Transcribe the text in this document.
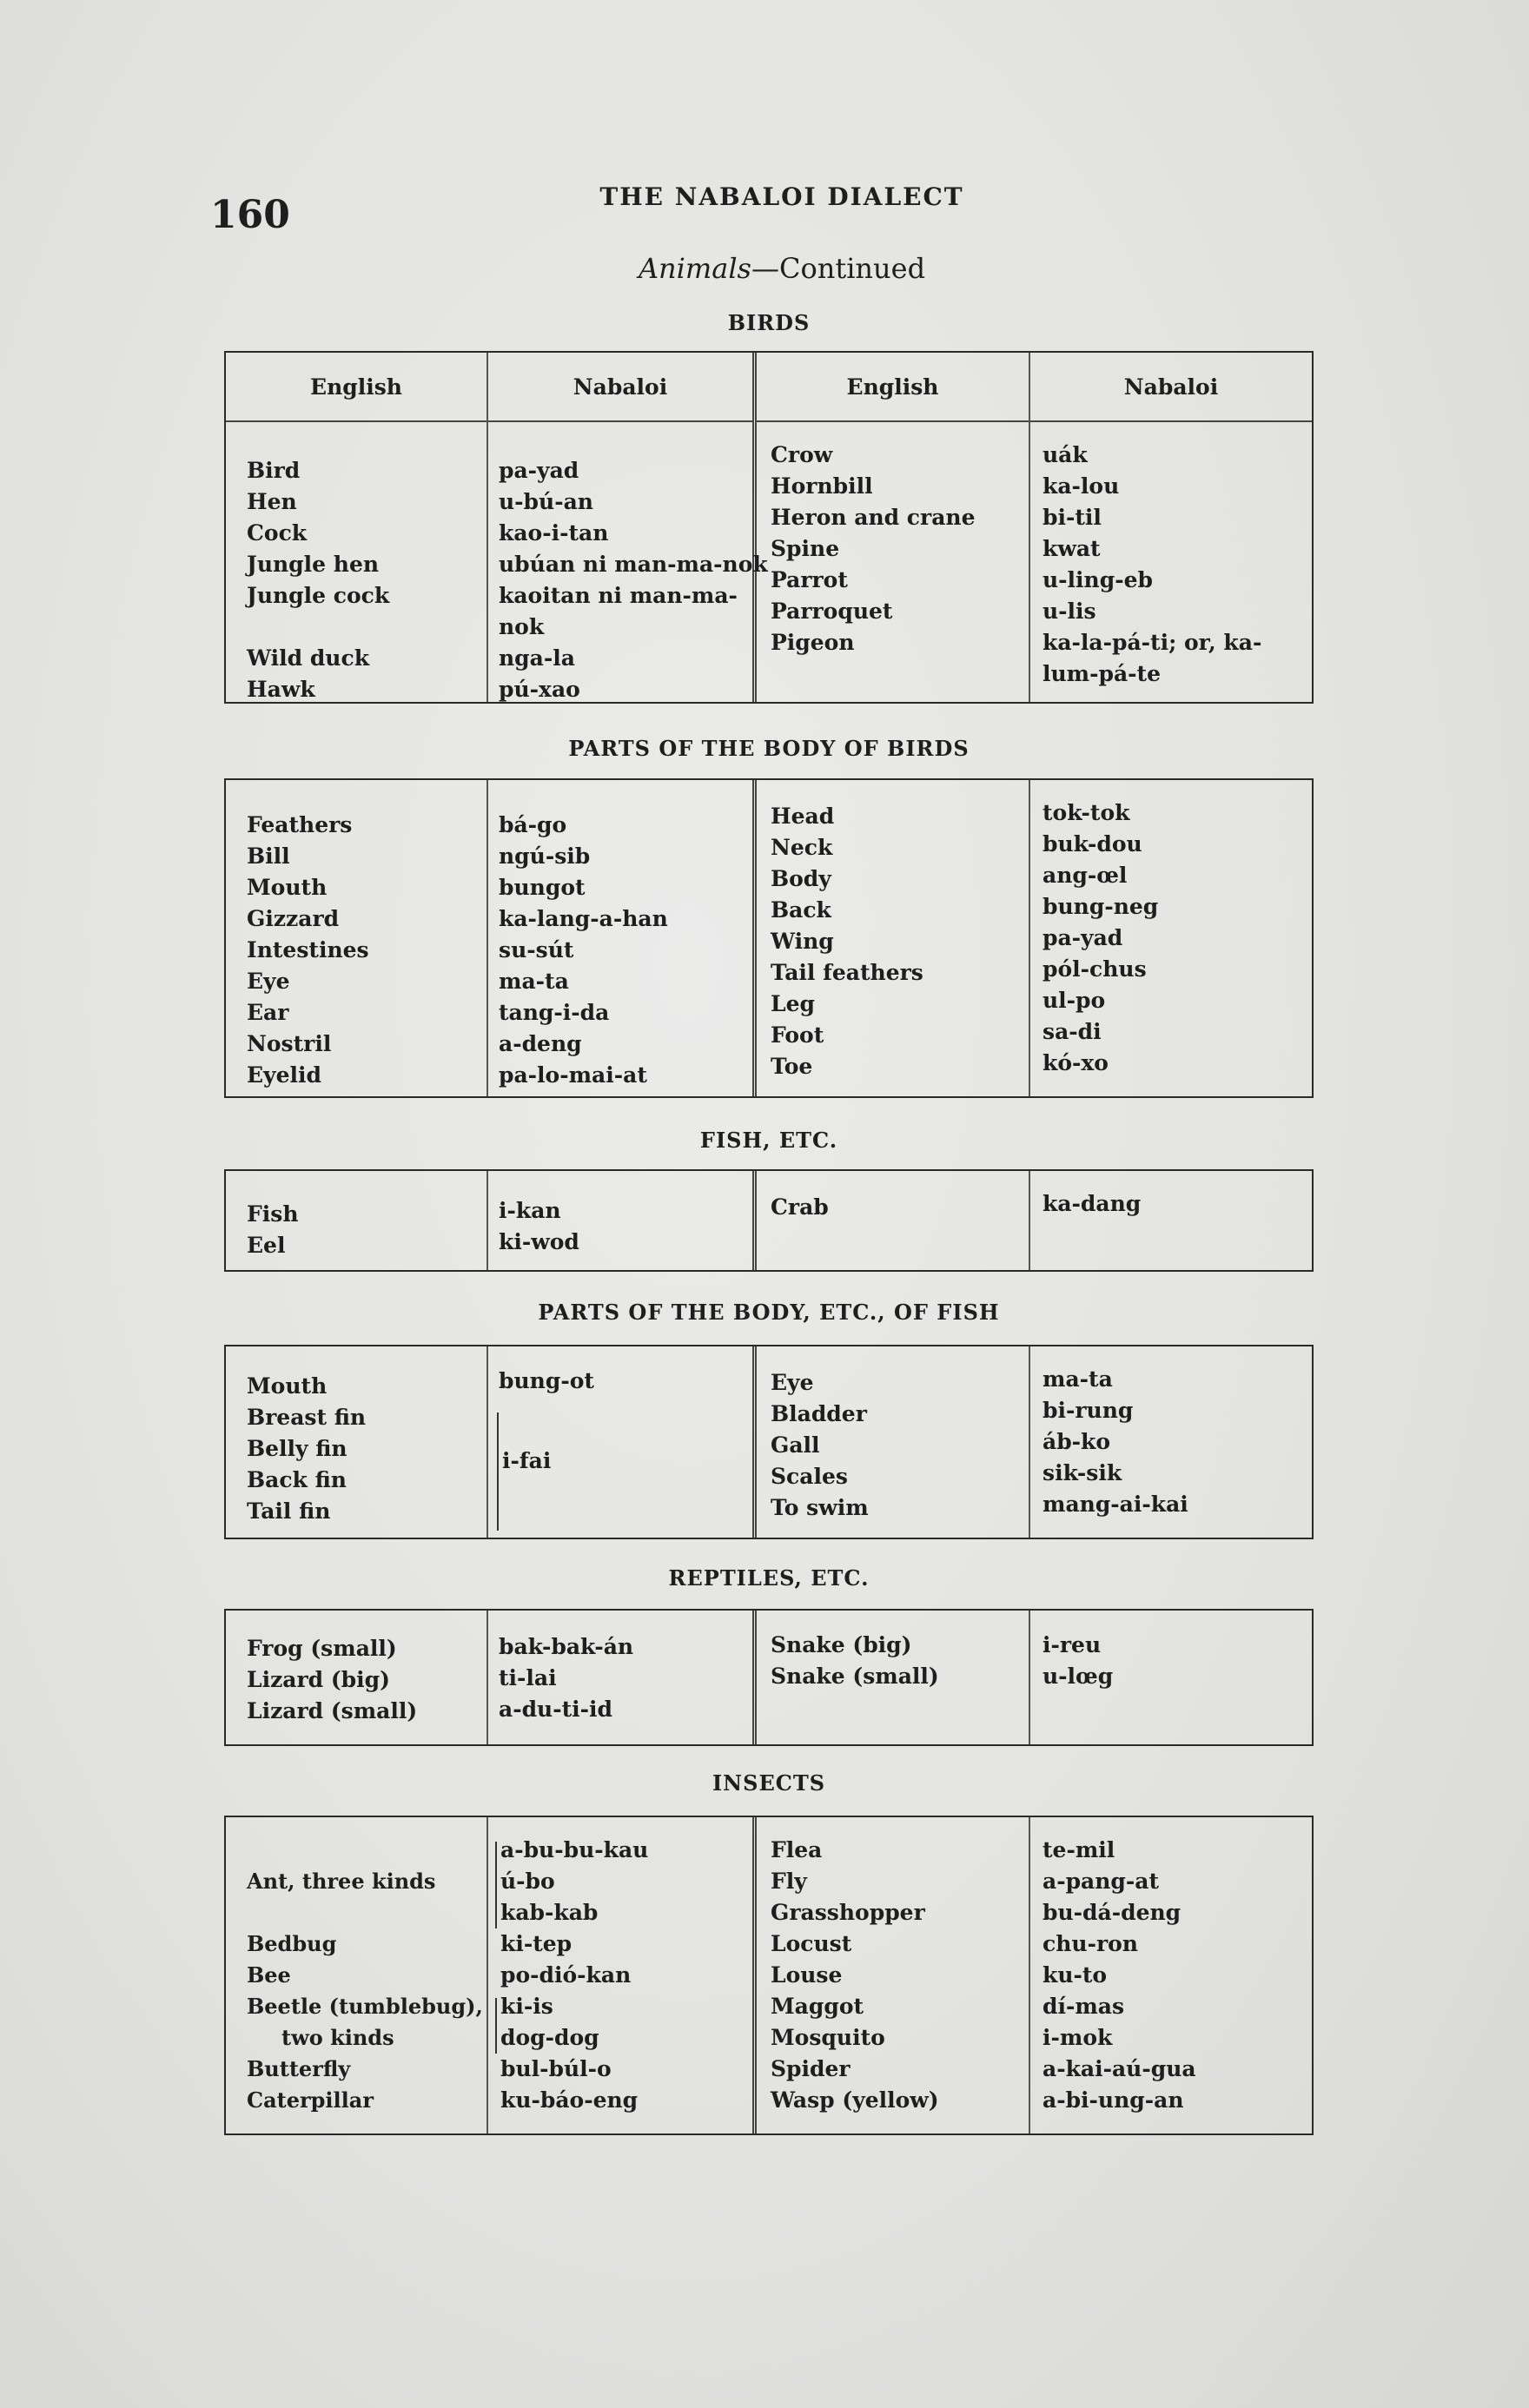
160	THE NABALOI DIALECT
Animals—Continued
BIRDS
English
Bird
Hen
Cock
Jungle hen
Jungle cock

Wild duck
Hawk
Nabaloi
pa-yad
u-bú-an
kao-i-tan
ubúan ni man-ma-nok
kaoitan ni man-ma-
nok
nga-la
pú-xao
English
Crow
Hornbill
Heron and crane
Spine
Parrot
Parroquet
Pigeon
Nabaloi
uák
ka-lou
bi-til
kwat
u-ling-eb
u-lis
ka-la-pá-ti; or, ka-
lum-pá-te
PARTS OF THE BODY OF BIRDS
Feathers
Bill
Mouth
Gizzard
Intestines
Eye
Ear
Nostril
Eyelid
bá-go
ngú-sib
bungot
ka-lang-a-han
su-sút
ma-ta
tang-i-da
a-deng
pa-lo-mai-at
Head
Neck
Body
Back
Wing
Tail feathers
Leg
Foot
Toe
tok-tok
buk-dou
ang-œl
bung-neg
pa-yad
pól-chus
ul-po
sa-di
kó-xo
FISH, ETC.
Fish
Eel
i-kan
ki-wod
Crab	ka-dang
PARTS OF THE BODY, ETC., OF FISH
Mouth
Breast fin
Belly fin
Back fin
Tail fin
bung-ot
i-fai
Eye
Bladder
Gall
Scales
To swim
ma-ta
bi-rung
áb-ko
sik-sik
mang-ai-kai
REPTILES, ETC.
Frog (small)
Lizard (big)
Lizard (small)
bak-bak-án
ti-lai
a-du-ti-id
Snake (big)
Snake (small)
i-reu
u-lœg
INSECTS

Ant, three kinds

Bedbug
Bee
Beetle (tumblebug),
two kinds
Butterfly
Caterpillar
a-bu-bu-kau
ú-bo
kab-kab
ki-tep
po-dió-kan
ki-is
dog-dog
bul-búl-o
ku-báo-eng
Flea
Fly
Grasshopper
Locust
Louse
Maggot
Mosquito
Spider
Wasp (yellow)
te-mil
a-pang-at
bu-dá-deng
chu-ron
ku-to
dí-mas
i-mok
a-kai-aú-gua
a-bi-ung-an
